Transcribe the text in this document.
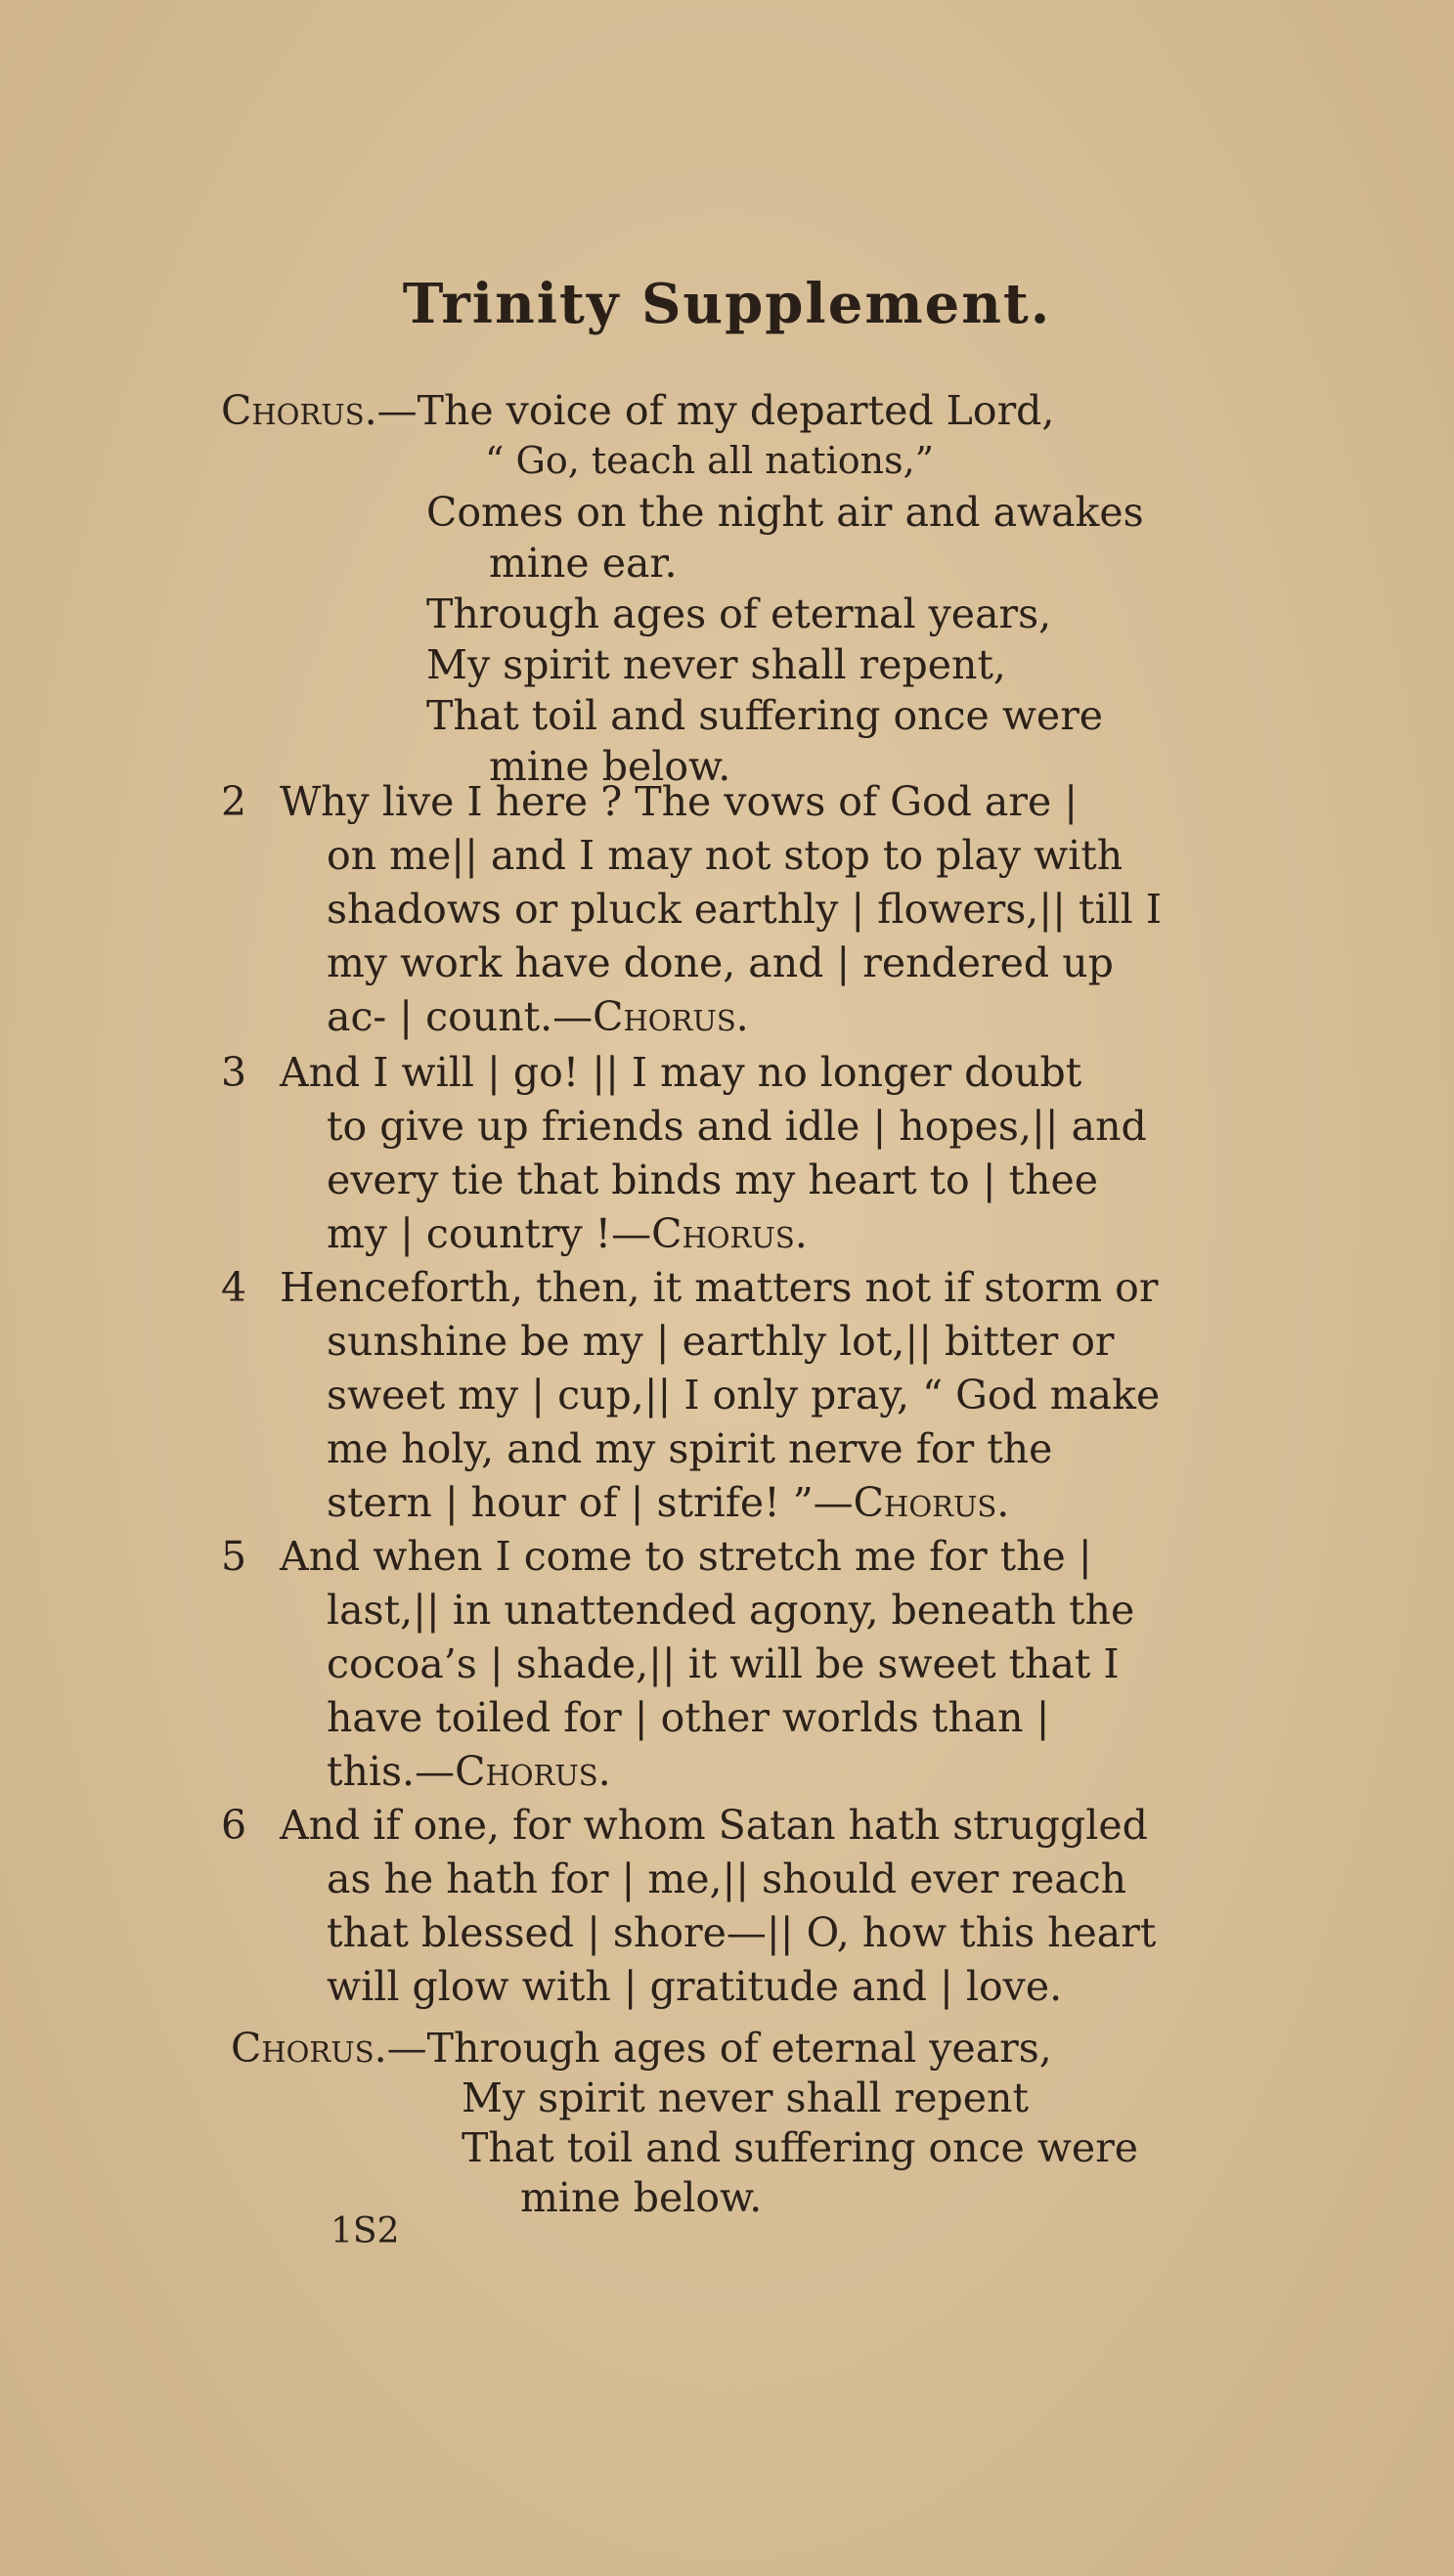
Trinity Supplement.
Chorus.—The voice of my departed Lord,
“ Go, teach all nations,”
Comes on the night air and awakes
mine ear.
Through ages of eternal years,
My spirit never shall repent,
That toil and suffering once were
mine below.
2 Why live I here ? The vows of God are |
on me|| and I may not stop to play with
shadows or pluck earthly | flowers,|| till I
my work have done, and | rendered up
ac- | count.—Chorus.
3 And I will | go! || I may no longer doubt
to give up friends and idle | hopes,|| and
every tie that binds my heart to | thee
my | country !—Chorus.
4 Henceforth, then, it matters not if storm or
sunshine be my | earthly lot,|| bitter or
sweet my | cup,|| I only pray, “ God make
me holy, and my spirit nerve for the
stern | hour of | strife! ”—Chorus.
5 And when I come to stretch me for the |
last,|| in unattended agony, beneath the
cocoa’s | shade,|| it will be sweet that I
have toiled for | other worlds than |
this.—Chorus.
6 And if one, for whom Satan hath struggled
as he hath for | me,|| should ever reach
that blessed | shore—|| O, how this heart
will glow with | gratitude and | love.
Chorus.—Through ages of eternal years,
My spirit never shall repent
That toil and suffering once were
mine below.
1S2
